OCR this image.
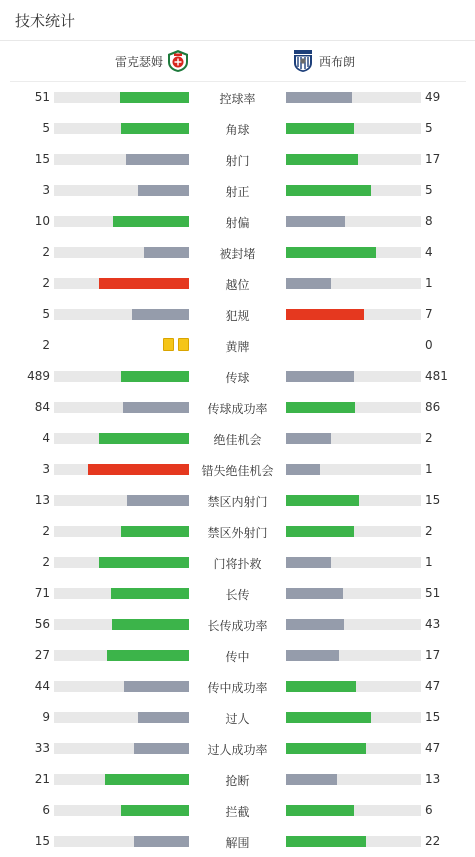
技术统计
雷克瑟姆	西布朗
51	控球率	49
5	角球	5
15	射门	17
3	射正	5
10	射偏	8
2	被封堵	4
2	越位	1
5	犯规	7
2	黄牌	0
489	传球	481
84	传球成功率	86
4	绝佳机会	2
3	错失绝佳机会	1
13	禁区内射门	15
2	禁区外射门	2
2	门将扑救	1
71	长传	51
56	长传成功率	43
27	传中	17
44	传中成功率	47
9	过人	15
33	过人成功率	47
21	抢断	13
6	拦截	6
15	解围	22
